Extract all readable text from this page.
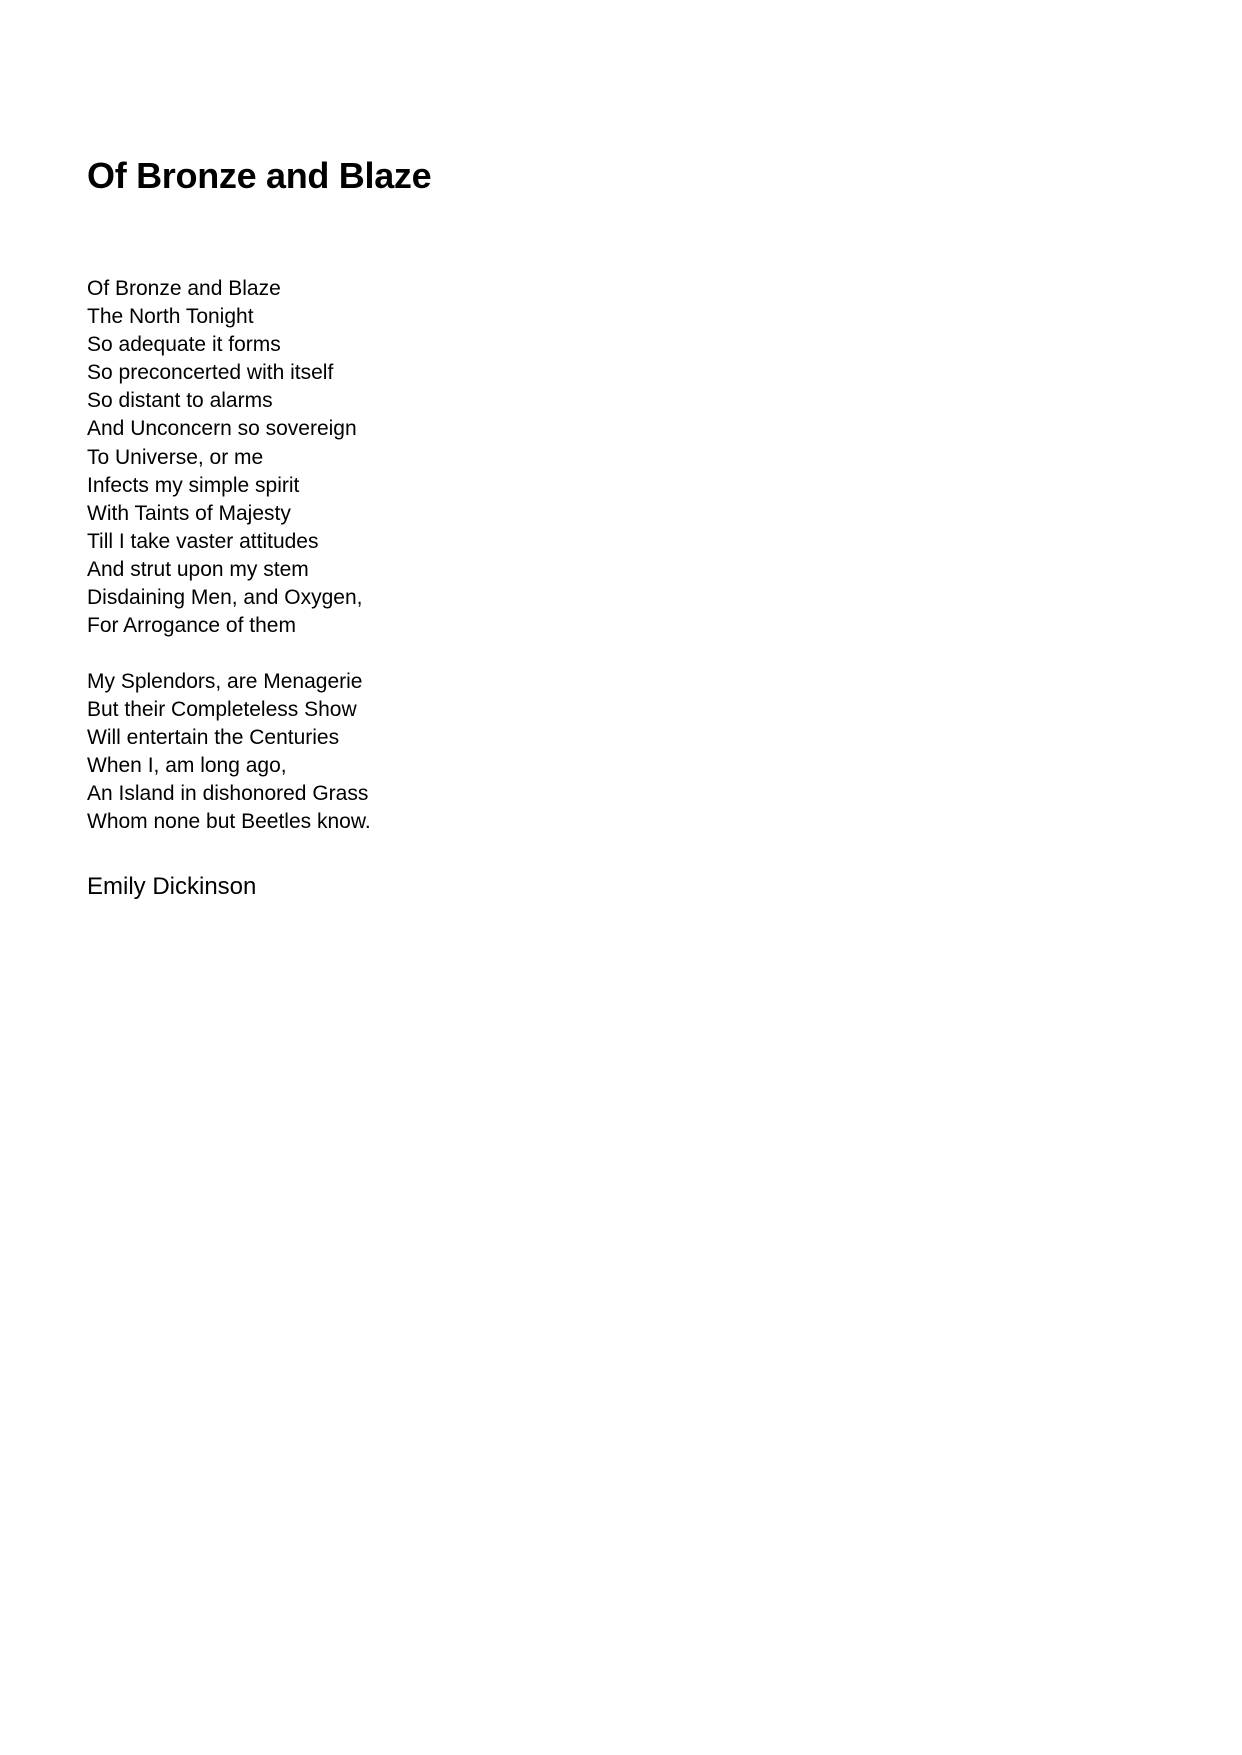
Of Bronze and Blaze
Of Bronze and Blaze
The North Tonight
So adequate it forms
So preconcerted with itself
So distant to alarms
And Unconcern so sovereign
To Universe, or me
Infects my simple spirit
With Taints of Majesty
Till I take vaster attitudes
And strut upon my stem
Disdaining Men, and Oxygen,
For Arrogance of them
My Splendors, are Menagerie
But their Completeless Show
Will entertain the Centuries
When I, am long ago,
An Island in dishonored Grass
Whom none but Beetles know.

Emily Dickinson
